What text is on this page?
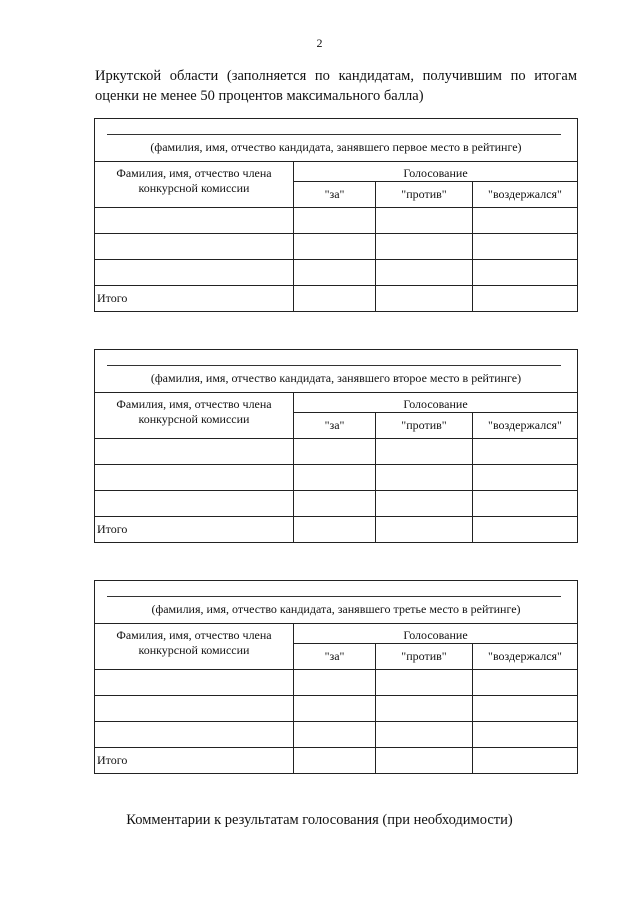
2
Иркутской области (заполняется по кандидатам, получившим по итогам
оценки не менее 50 процентов максимального балла)
(фамилия, имя, отчество кандидата, занявшего первое место в рейтинге)			

Фамилия, имя, отчество члена конкурсной комиссии	Голосование		
	"за"	"против"	"воздержался"

Итого			
(фамилия, имя, отчество кандидата, занявшего второе место в рейтинге)			

Фамилия, имя, отчество члена конкурсной комиссии	Голосование		
	"за"	"против"	"воздержался"

Итого			
(фамилия, имя, отчество кандидата, занявшего третье место в рейтинге)			

Фамилия, имя, отчество члена конкурсной комиссии	Голосование		
	"за"	"против"	"воздержался"

Итого			
Комментарии к результатам голосования (при необходимости)
